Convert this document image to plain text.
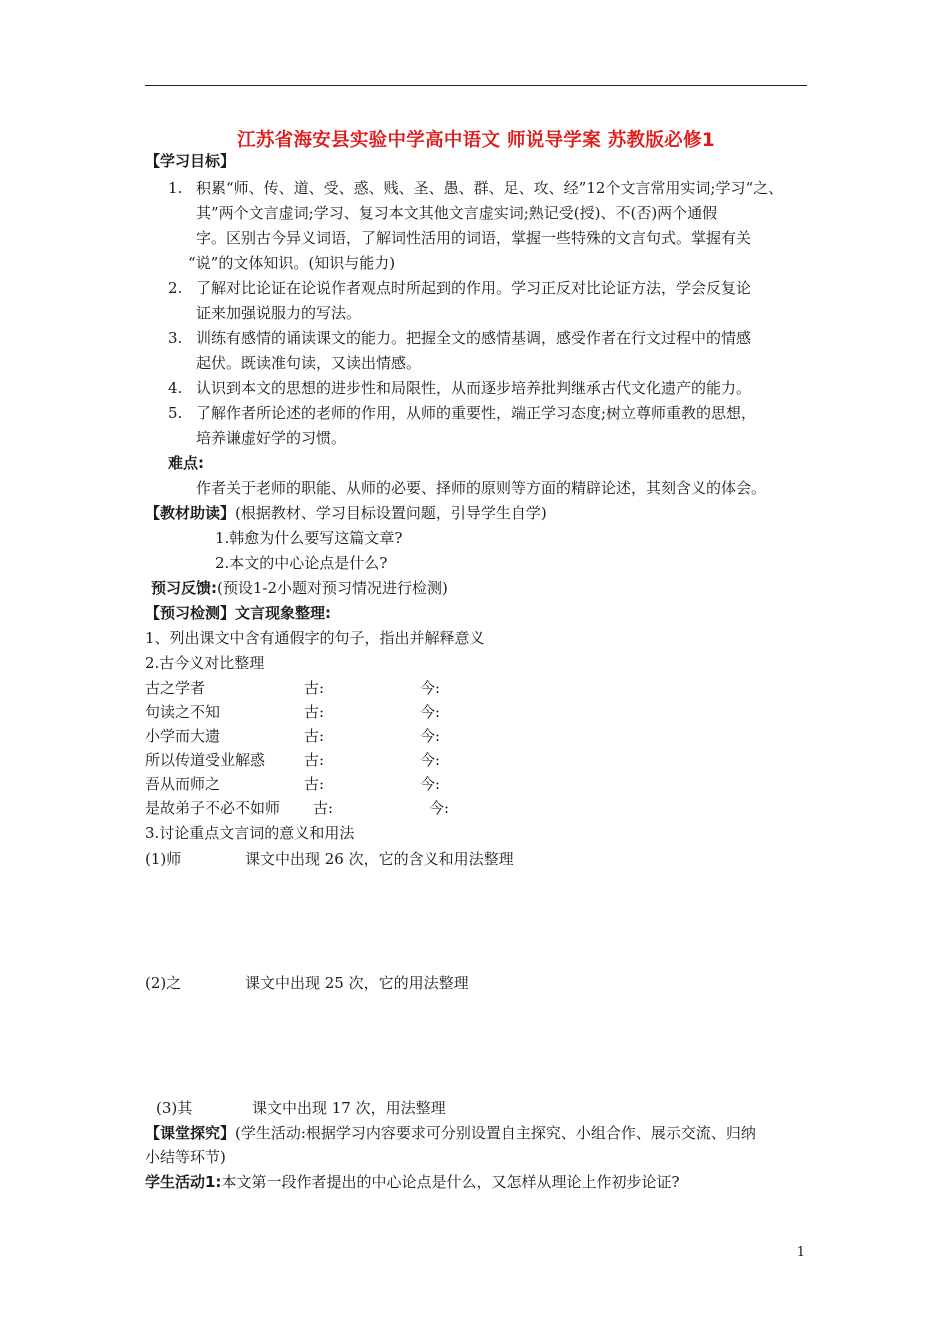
江苏省海安县实验中学高中语文 师说导学案 苏教版必修1
【学习目标】
1. 积累“师、传、道、受、惑、贱、圣、愚、群、足、攻、经”12个文言常用实词;学习“之、
其”两个文言虚词;学习、复习本文其他文言虚实词;熟记受(授)、不(否)两个通假
字。区别古今异义词语，了解词性活用的词语，掌握一些特殊的文言句式。掌握有关
“说”的文体知识。(知识与能力)
2. 了解对比论证在论说作者观点时所起到的作用。学习正反对比论证方法，学会反复论
证来加强说服力的写法。
3. 训练有感情的诵读课文的能力。把握全文的感情基调，感受作者在行文过程中的情感
起伏。既读准句读，又读出情感。
4. 认识到本文的思想的进步性和局限性，从而逐步培养批判继承古代文化遗产的能力。
5. 了解作者所论述的老师的作用，从师的重要性，端正学习态度;树立尊师重教的思想，
培养谦虚好学的习惯。
难点:
作者关于老师的职能、从师的必要、择师的原则等方面的精辟论述，其刻含义的体会。
【教材助读】(根据教材、学习目标设置问题，引导学生自学)
1.韩愈为什么要写这篇文章?
2.本文的中心论点是什么?
预习反馈:(预设1-2小题对预习情况进行检测)
【预习检测】文言现象整理:
1、列出课文中含有通假字的句子，指出并解释意义
2.古今义对比整理
古之学者	古:	今:
句读之不知	古:	今:
小学而大遗	古:	今:
所以传道受业解惑	古:	今:
吾从而师之	古:	今:
是故弟子不必不如师 古:	今:
3.讨论重点文言词的意义和用法
(1)师	课文中出现 26 次，它的含义和用法整理
(2)之	课文中出现 25 次，它的用法整理
(3)其	课文中出现 17 次，用法整理
【课堂探究】(学生活动:根据学习内容要求可分别设置自主探究、小组合作、展示交流、归纳
小结等环节)
学生活动1:本文第一段作者提出的中心论点是什么，又怎样从理论上作初步论证?
1
